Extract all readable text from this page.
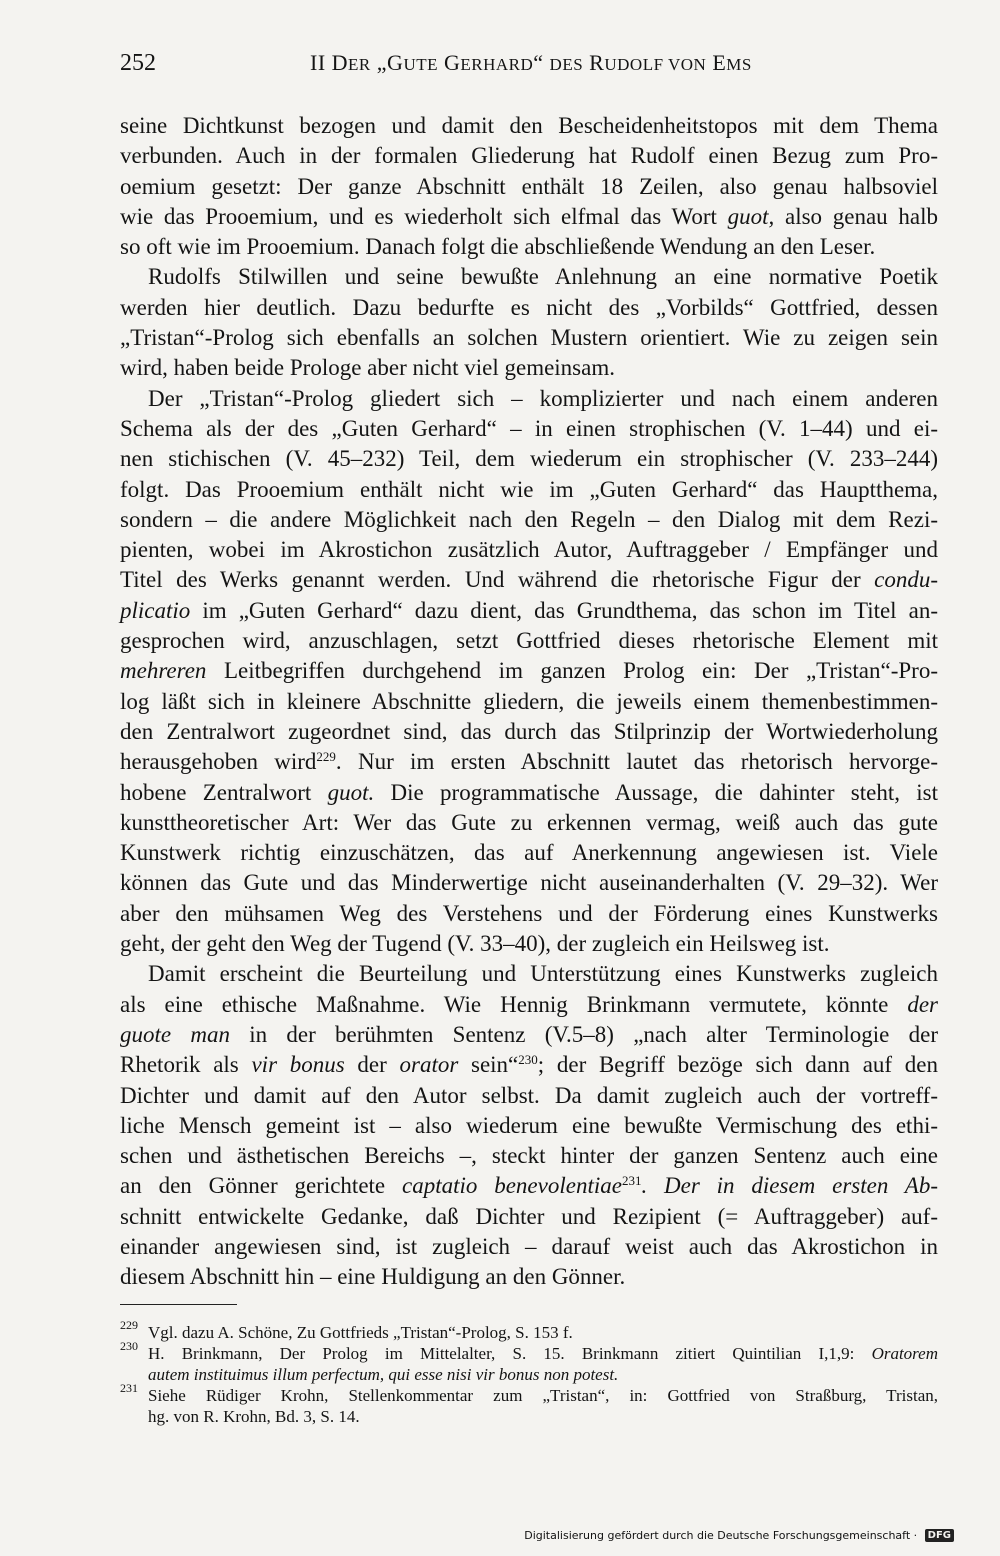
252	II DER „GUTE GERHARD“ DES RUDOLF VON EMS
seine Dichtkunst bezogen und damit den Bescheidenheitstopos mit dem Thema
verbunden. Auch in der formalen Gliederung hat Rudolf einen Bezug zum Pro-
oemium gesetzt: Der ganze Abschnitt enthält 18 Zeilen, also genau halbsoviel
wie das Prooemium, und es wiederholt sich elfmal das Wort guot, also genau halb
so oft wie im Prooemium. Danach folgt die abschließende Wendung an den Leser.
Rudolfs Stilwillen und seine bewußte Anlehnung an eine normative Poetik
werden hier deutlich. Dazu bedurfte es nicht des „Vorbilds“ Gottfried, dessen
„Tristan“-Prolog sich ebenfalls an solchen Mustern orientiert. Wie zu zeigen sein
wird, haben beide Prologe aber nicht viel gemeinsam.
Der „Tristan“-Prolog gliedert sich – komplizierter und nach einem anderen
Schema als der des „Guten Gerhard“ – in einen strophischen (V. 1–44) und ei-
nen stichischen (V. 45–232) Teil, dem wiederum ein strophischer (V. 233–244)
folgt. Das Prooemium enthält nicht wie im „Guten Gerhard“ das Hauptthema,
sondern – die andere Möglichkeit nach den Regeln – den Dialog mit dem Rezi-
pienten, wobei im Akrostichon zusätzlich Autor, Auftraggeber / Empfänger und
Titel des Werks genannt werden. Und während die rhetorische Figur der condu-
plicatio im „Guten Gerhard“ dazu dient, das Grundthema, das schon im Titel an-
gesprochen wird, anzuschlagen, setzt Gottfried dieses rhetorische Element mit
mehreren Leitbegriffen durchgehend im ganzen Prolog ein: Der „Tristan“-Pro-
log läßt sich in kleinere Abschnitte gliedern, die jeweils einem themenbestimmen-
den Zentralwort zugeordnet sind, das durch das Stilprinzip der Wortwiederholung
herausgehoben wird$^{229}$. Nur im ersten Abschnitt lautet das rhetorisch hervorge-
hobene Zentralwort guot. Die programmatische Aussage, die dahinter steht, ist
kunsttheoretischer Art: Wer das Gute zu erkennen vermag, weiß auch das gute
Kunstwerk richtig einzuschätzen, das auf Anerkennung angewiesen ist. Viele
können das Gute und das Minderwertige nicht auseinanderhalten (V. 29–32). Wer
aber den mühsamen Weg des Verstehens und der Förderung eines Kunstwerks
geht, der geht den Weg der Tugend (V. 33–40), der zugleich ein Heilsweg ist.
Damit erscheint die Beurteilung und Unterstützung eines Kunstwerks zugleich
als eine ethische Maßnahme. Wie Hennig Brinkmann vermutete, könnte der
guote man in der berühmten Sentenz (V.5–8) „nach alter Terminologie der
Rhetorik als vir bonus der orator sein“$^{230}$; der Begriff bezöge sich dann auf den
Dichter und damit auf den Autor selbst. Da damit zugleich auch der vortreff-
liche Mensch gemeint ist – also wiederum eine bewußte Vermischung des ethi-
schen und ästhetischen Bereichs –, steckt hinter der ganzen Sentenz auch eine
an den Gönner gerichtete captatio benevolentiae$^{231}$. Der in diesem ersten Ab-
schnitt entwickelte Gedanke, daß Dichter und Rezipient (= Auftraggeber) auf-
einander angewiesen sind, ist zugleich – darauf weist auch das Akrostichon in
diesem Abschnitt hin – eine Huldigung an den Gönner.
229 Vgl. dazu A. Schöne, Zu Gottfrieds „Tristan“-Prolog, S. 153 f.
230 H. Brinkmann, Der Prolog im Mittelalter, S. 15. Brinkmann zitiert Quintilian I,1,9: Oratorem
autem instituimus illum perfectum, qui esse nisi vir bonus non potest.
231 Siehe Rüdiger Krohn, Stellenkommentar zum „Tristan“, in: Gottfried von Straßburg, Tristan,
hg. von R. Krohn, Bd. 3, S. 14.
Digitalisierung gefördert durch die Deutsche Forschungsgemeinschaft · DFG
